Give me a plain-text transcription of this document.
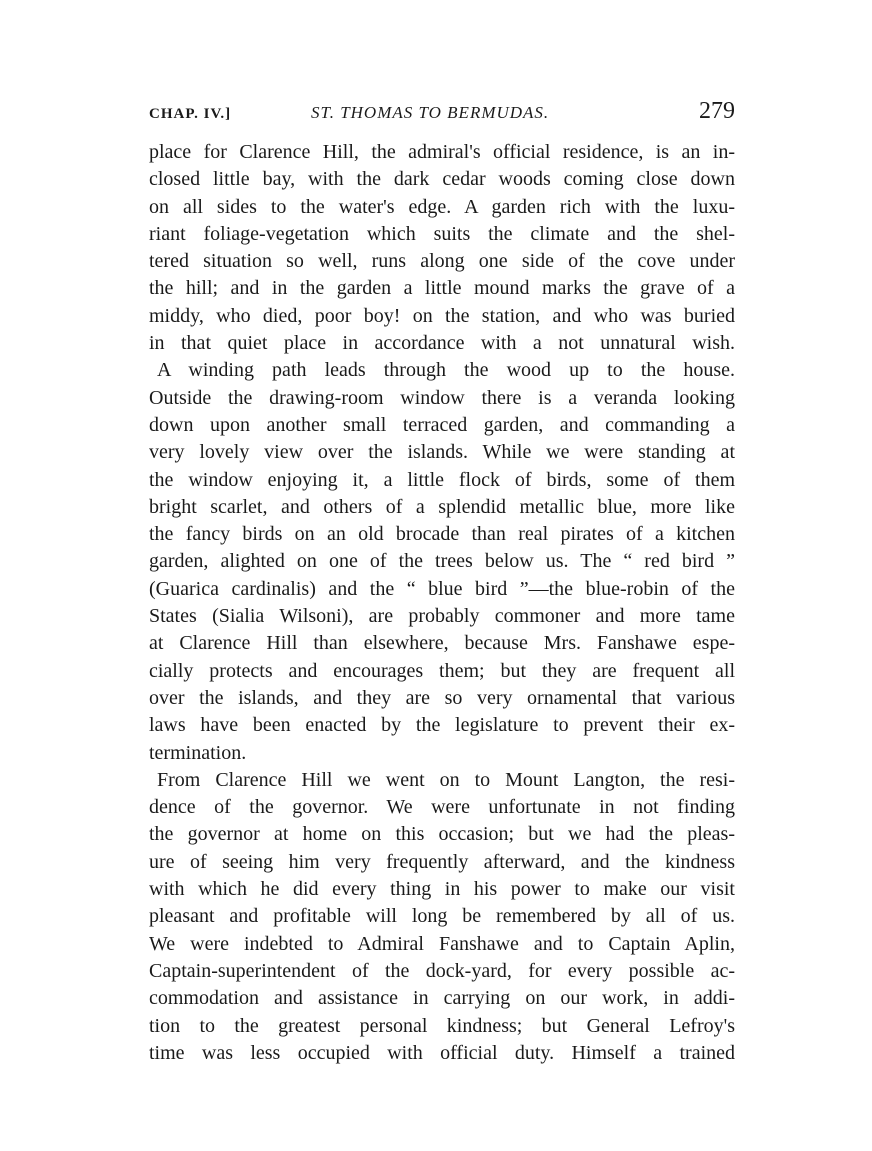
CHAP. IV.]	ST. THOMAS TO BERMUDAS.	279
place for Clarence Hill, the admiral's official residence, is an in-
closed little bay, with the dark cedar woods coming close down
on all sides to the water's edge. A garden rich with the luxu-
riant foliage-vegetation which suits the climate and the shel-
tered situation so well, runs along one side of the cove under
the hill; and in the garden a little mound marks the grave of a
middy, who died, poor boy! on the station, and who was buried
in that quiet place in accordance with a not unnatural wish.
A winding path leads through the wood up to the house.
Outside the drawing-room window there is a veranda looking
down upon another small terraced garden, and commanding a
very lovely view over the islands. While we were standing at
the window enjoying it, a little flock of birds, some of them
bright scarlet, and others of a splendid metallic blue, more like
the fancy birds on an old brocade than real pirates of a kitchen
garden, alighted on one of the trees below us. The “ red bird ”
(Guarica cardinalis) and the “ blue bird ”—the blue-robin of the
States (Sialia Wilsoni), are probably commoner and more tame
at Clarence Hill than elsewhere, because Mrs. Fanshawe espe-
cially protects and encourages them; but they are frequent all
over the islands, and they are so very ornamental that various
laws have been enacted by the legislature to prevent their ex-
termination.
From Clarence Hill we went on to Mount Langton, the resi-
dence of the governor. We were unfortunate in not finding
the governor at home on this occasion; but we had the pleas-
ure of seeing him very frequently afterward, and the kindness
with which he did every thing in his power to make our visit
pleasant and profitable will long be remembered by all of us.
We were indebted to Admiral Fanshawe and to Captain Aplin,
Captain-superintendent of the dock-yard, for every possible ac-
commodation and assistance in carrying on our work, in addi-
tion to the greatest personal kindness; but General Lefroy's
time was less occupied with official duty. Himself a trained
